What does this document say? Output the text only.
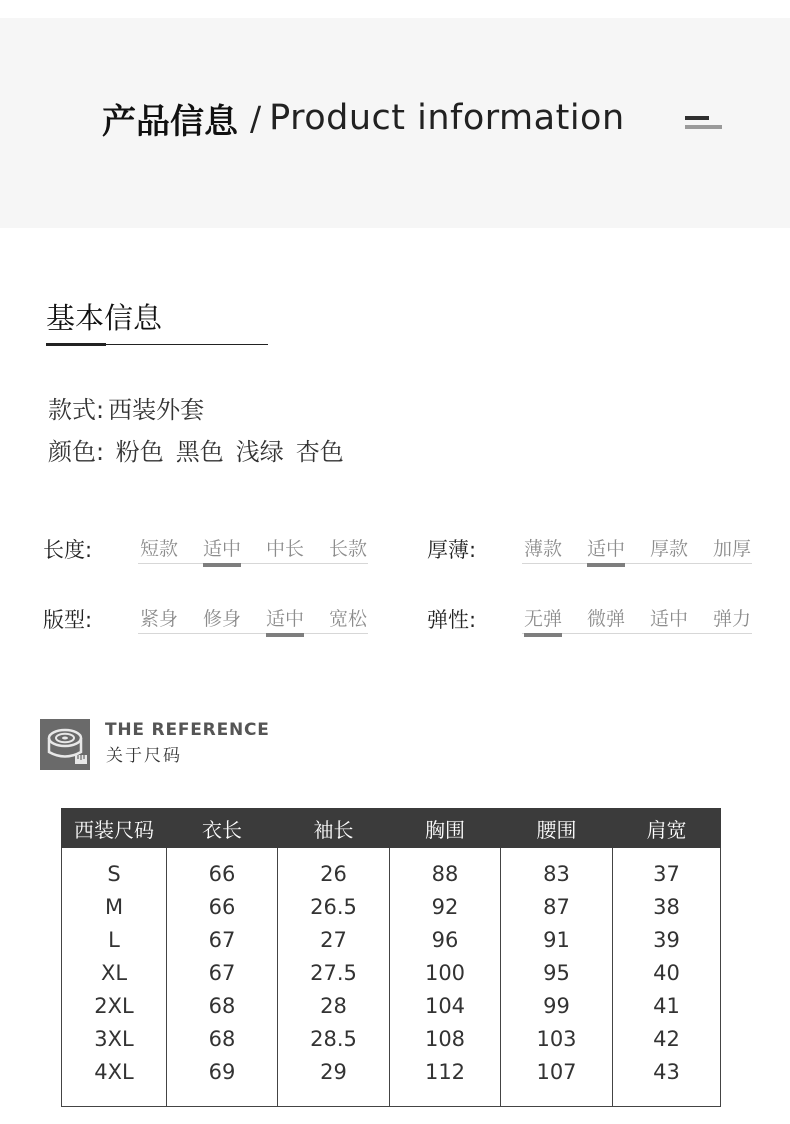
产品信息 / Product information
基本信息
款式: 西装外套
颜色: 粉色 黑色 浅绿 杏色
长度:	短款 适中 中长 长款	厚薄:	薄款 适中 厚款 加厚
版型:	紧身 修身 适中 宽松	弹性:	无弹 微弹 适中 弹力
THE REFERENCE
关于尺码
西装尺码	衣长	袖长	胸围	腰围	肩宽
S	66	26	88	83	37
M	66	26.5	92	87	38
L	67	27	96	91	39
XL	67	27.5	100	95	40
2XL	68	28	104	99	41
3XL	68	28.5	108	103	42
4XL	69	29	112	107	43
